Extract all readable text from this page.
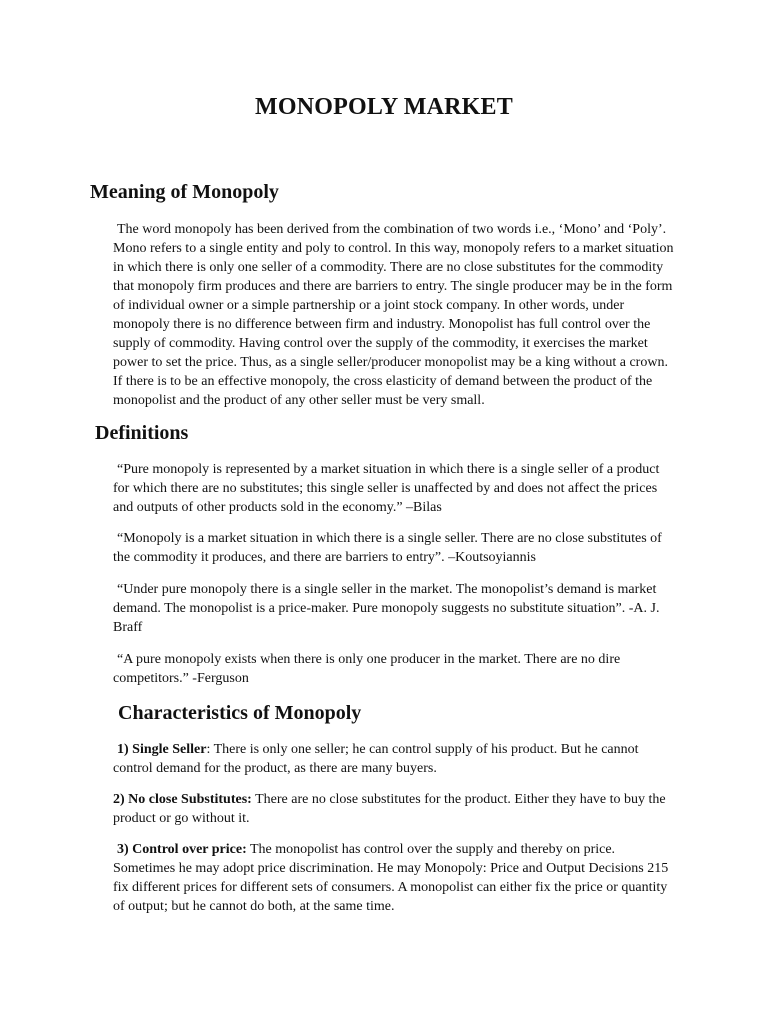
MONOPOLY MARKET
Meaning of Monopoly

The word monopoly has been derived from the combination of two words i.e., ‘Mono’ and ‘Poly’. Mono refers to a single entity and poly to control. In this way, monopoly refers to a market situation in which there is only one seller of a commodity. There are no close substitutes for the commodity that monopoly firm produces and there are barriers to entry. The single producer may be in the form of individual owner or a simple partnership or a joint stock company. In other words, under monopoly there is no difference between firm and industry. Monopolist has full control over the supply of commodity. Having control over the supply of the commodity, it exercises the market power to set the price. Thus, as a single seller/producer monopolist may be a king without a crown. If there is to be an effective monopoly, the cross elasticity of demand between the product of the monopolist and the product of any other seller must be very small.

Definitions

“Pure monopoly is represented by a market situation in which there is a single seller of a product for which there are no substitutes; this single seller is unaffected by and does not affect the prices and outputs of other products sold in the economy.” –Bilas

“Monopoly is a market situation in which there is a single seller. There are no close substitutes of the commodity it produces, and there are barriers to entry”. –Koutsoyiannis

“Under pure monopoly there is a single seller in the market. The monopolist’s demand is market demand. The monopolist is a price-maker. Pure monopoly suggests no substitute situation”. -A. J. Braff

“A pure monopoly exists when there is only one producer in the market. There are no dire competitors.” -Ferguson

Characteristics of Monopoly

1) Single Seller: There is only one seller; he can control supply of his product. But he cannot control demand for the product, as there are many buyers.

2) No close Substitutes: There are no close substitutes for the product. Either they have to buy the product or go without it.

3) Control over price: The monopolist has control over the supply and thereby on price. Sometimes he may adopt price discrimination. He may Monopoly: Price and Output Decisions 215 fix different prices for different sets of consumers. A monopolist can either fix the price or quantity of output; but he cannot do both, at the same time.
